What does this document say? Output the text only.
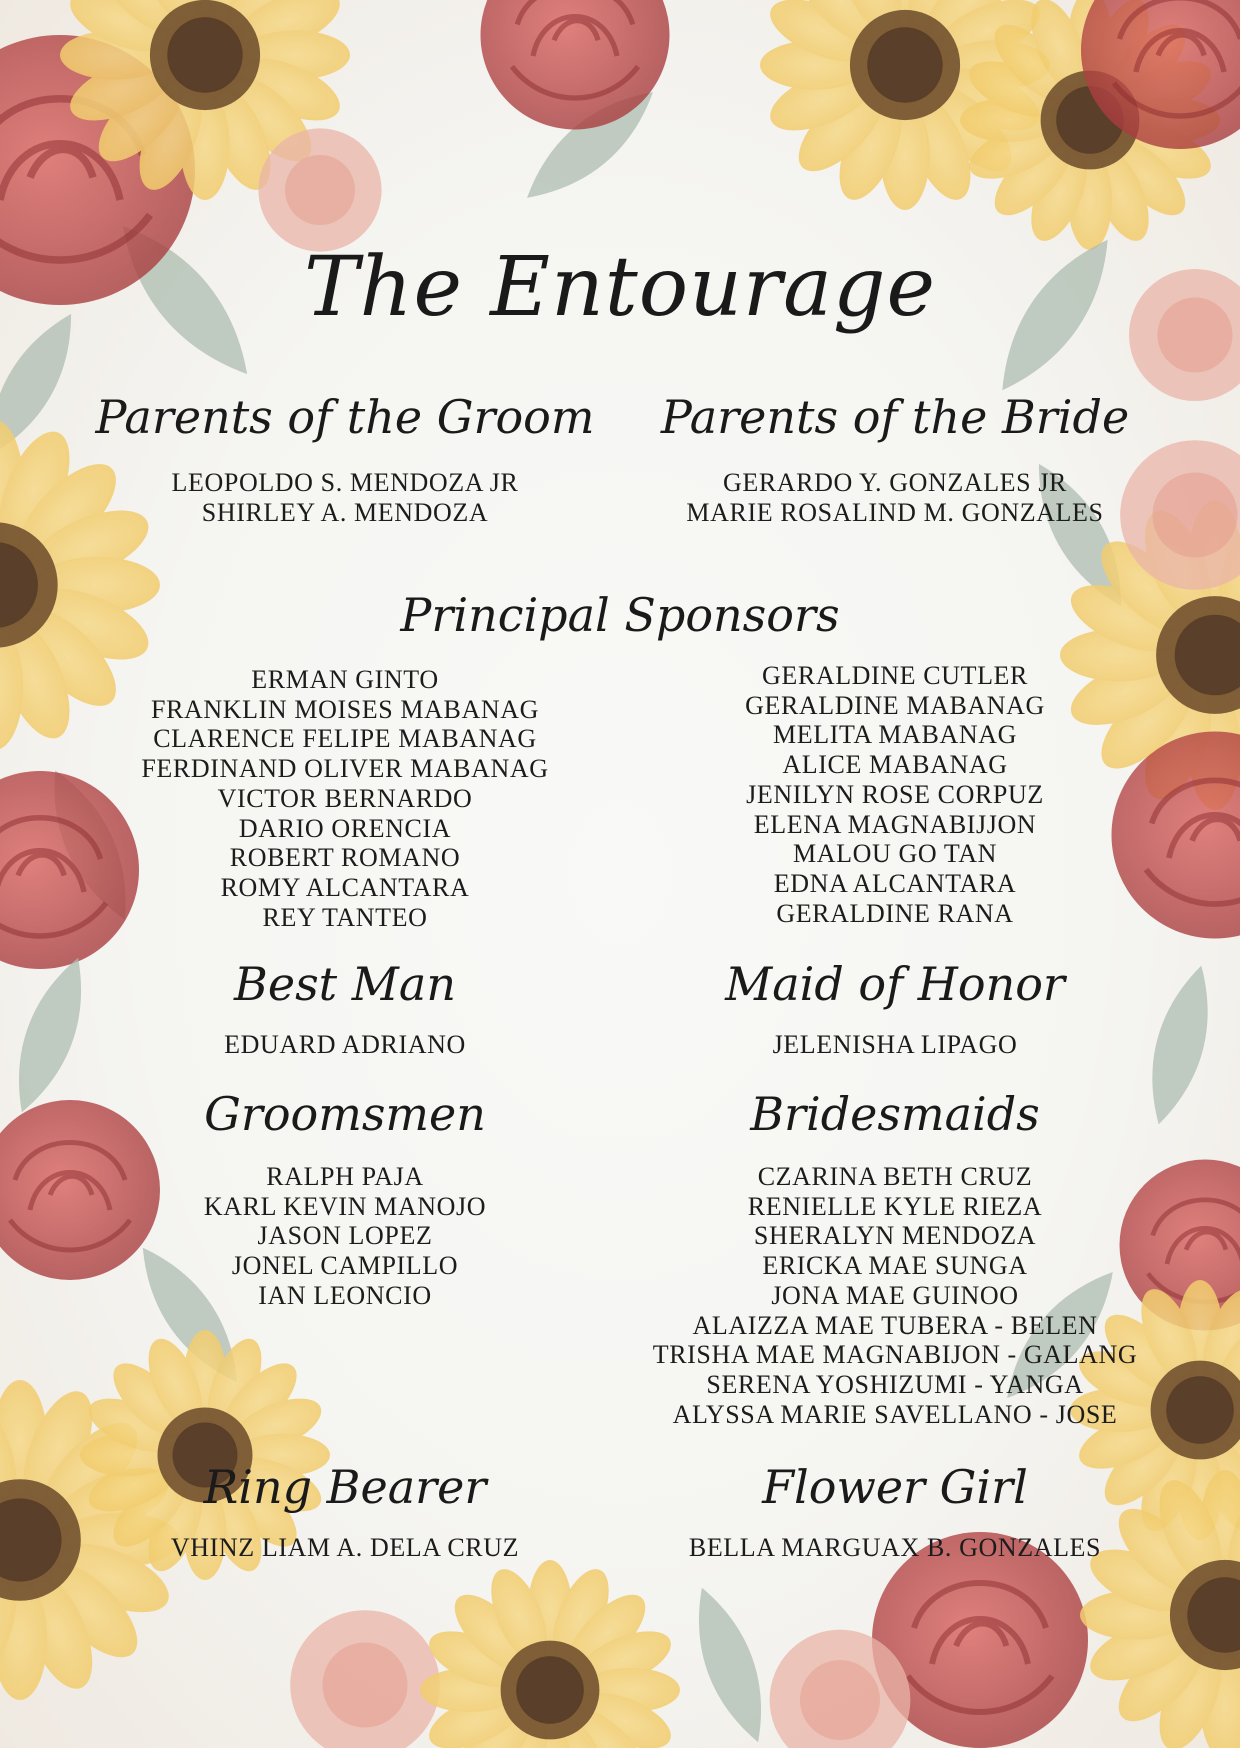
The Entourage
Parents of the Groom
LEOPOLDO S. MENDOZA JR
SHIRLEY A. MENDOZA
Parents of the Bride
GERARDO Y. GONZALES JR
MARIE ROSALIND M. GONZALES
Principal Sponsors
ERMAN GINTO
FRANKLIN MOISES MABANAG
CLARENCE FELIPE MABANAG
FERDINAND OLIVER MABANAG
VICTOR BERNARDO
DARIO ORENCIA
ROBERT ROMANO
ROMY ALCANTARA
REY TANTEO
GERALDINE CUTLER
GERALDINE MABANAG
MELITA MABANAG
ALICE MABANAG
JENILYN ROSE CORPUZ
ELENA MAGNABIJJON
MALOU GO TAN
EDNA ALCANTARA
GERALDINE RANA
Best Man
EDUARD ADRIANO
Maid of Honor
JELENISHA LIPAGO
Groomsmen
RALPH PAJA
KARL KEVIN MANOJO
JASON LOPEZ
JONEL CAMPILLO
IAN LEONCIO
Bridesmaids
CZARINA BETH CRUZ
RENIELLE KYLE RIEZA
SHERALYN MENDOZA
ERICKA MAE SUNGA
JONA MAE GUINOO
ALAIZZA MAE TUBERA - BELEN
TRISHA MAE MAGNABIJON - GALANG
SERENA YOSHIZUMI - YANGA
ALYSSA MARIE SAVELLANO - JOSE
Ring Bearer
VHINZ LIAM A. DELA CRUZ
Flower Girl
BELLA MARGUAX B. GONZALES
